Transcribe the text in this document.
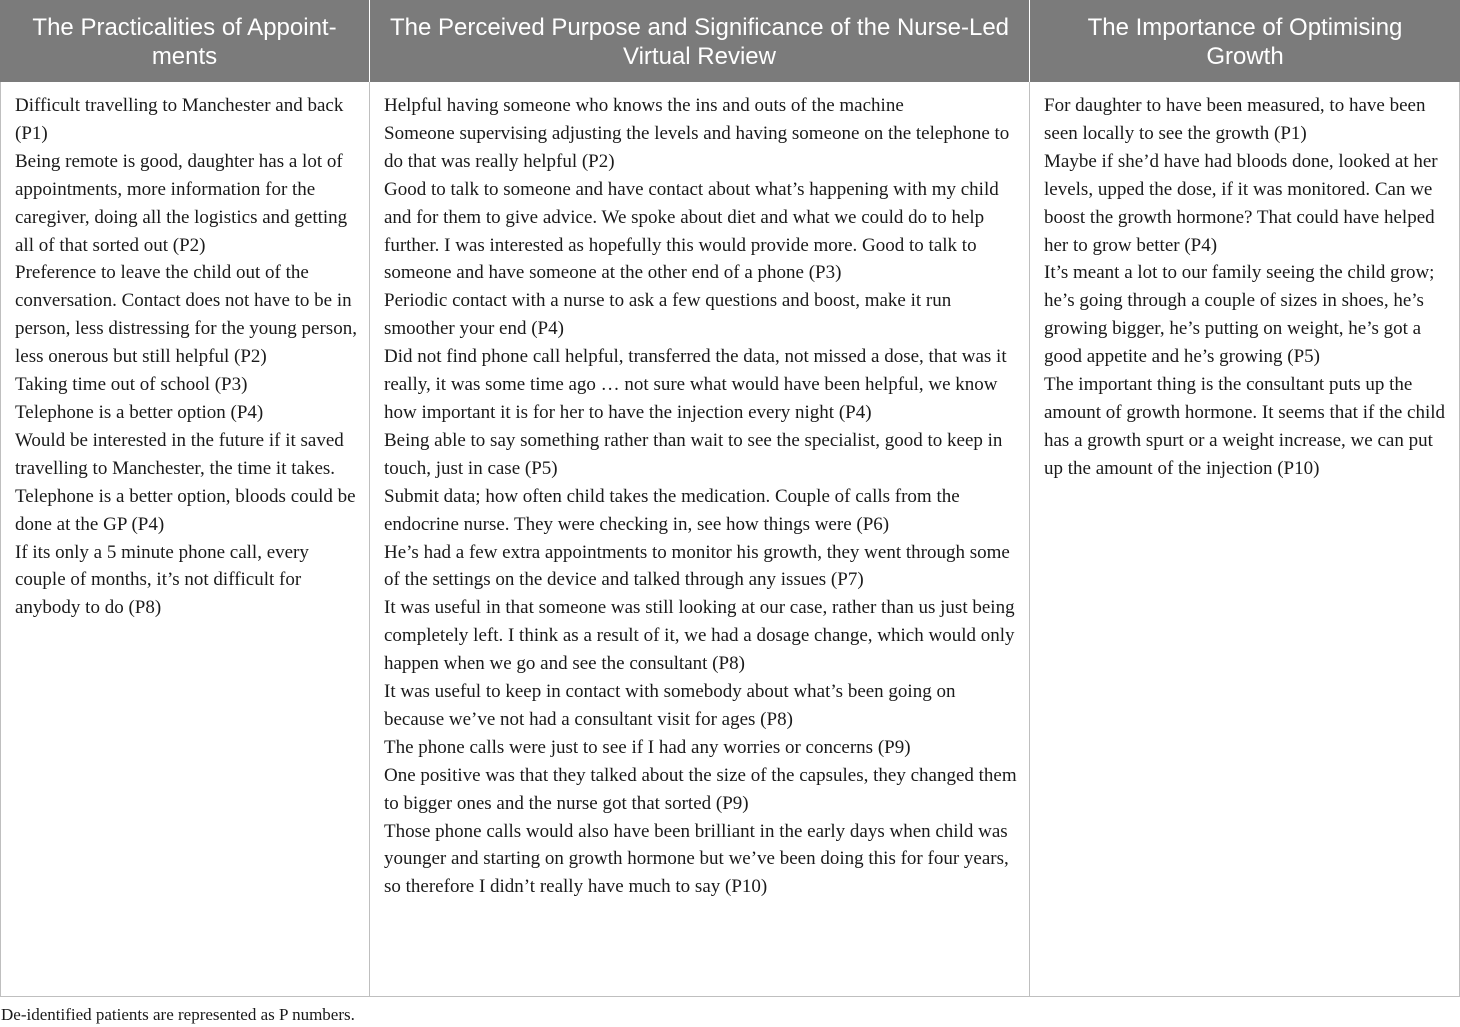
The Practicalities of Appoint-
ments
The Perceived Purpose and Significance of the Nurse-Led
Virtual Review
The Importance of Optimising
Growth
Difficult travelling to Manchester and back (P1)
Being remote is good, daughter has a lot of appointments, more information for the caregiver, doing all the logistics and getting all of that sorted out (P2)
Preference to leave the child out of the conversation. Contact does not have to be in person, less distressing for the young person, less onerous but still helpful (P2)
Taking time out of school (P3)
Telephone is a better option (P4)
Would be interested in the future if it saved travelling to Manchester, the time it takes. Telephone is a better option, bloods could be done at the GP (P4)
If its only a 5 minute phone call, every couple of months, it’s not difficult for anybody to do (P8)
Helpful having someone who knows the ins and outs of the machine
Someone supervising adjusting the levels and having someone on the telephone to do that was really helpful (P2)
Good to talk to someone and have contact about what’s happening with my child and for them to give advice. We spoke about diet and what we could do to help further. I was interested as hopefully this would provide more. Good to talk to someone and have someone at the other end of a phone (P3)
Periodic contact with a nurse to ask a few questions and boost, make it run smoother your end (P4)
Did not find phone call helpful, transferred the data, not missed a dose, that was it really, it was some time ago … not sure what would have been helpful, we know how important it is for her to have the injection every night (P4)
Being able to say something rather than wait to see the specialist, good to keep in touch, just in case (P5)
Submit data; how often child takes the medication. Couple of calls from the endocrine nurse. They were checking in, see how things were (P6)
He’s had a few extra appointments to monitor his growth, they went through some of the settings on the device and talked through any issues (P7)
It was useful in that someone was still looking at our case, rather than us just being completely left. I think as a result of it, we had a dosage change, which would only happen when we go and see the consultant (P8)
It was useful to keep in contact with somebody about what’s been going on because we’ve not had a consultant visit for ages (P8)
The phone calls were just to see if I had any worries or concerns (P9)
One positive was that they talked about the size of the capsules, they changed them to bigger ones and the nurse got that sorted (P9)
Those phone calls would also have been brilliant in the early days when child was younger and starting on growth hormone but we’ve been doing this for four years, so therefore I didn’t really have much to say (P10)
For daughter to have been measured, to have been seen locally to see the growth (P1)
Maybe if she’d have had bloods done, looked at her levels, upped the dose, if it was monitored. Can we boost the growth hormone? That could have helped her to grow better (P4)
It’s meant a lot to our family seeing the child grow; he’s going through a couple of sizes in shoes, he’s growing bigger, he’s putting on weight, he’s got a good appetite and he’s growing (P5)
The important thing is the consultant puts up the amount of growth hormone. It seems that if the child has a growth spurt or a weight increase, we can put up the amount of the injection (P10)
De-identified patients are represented as P numbers.
